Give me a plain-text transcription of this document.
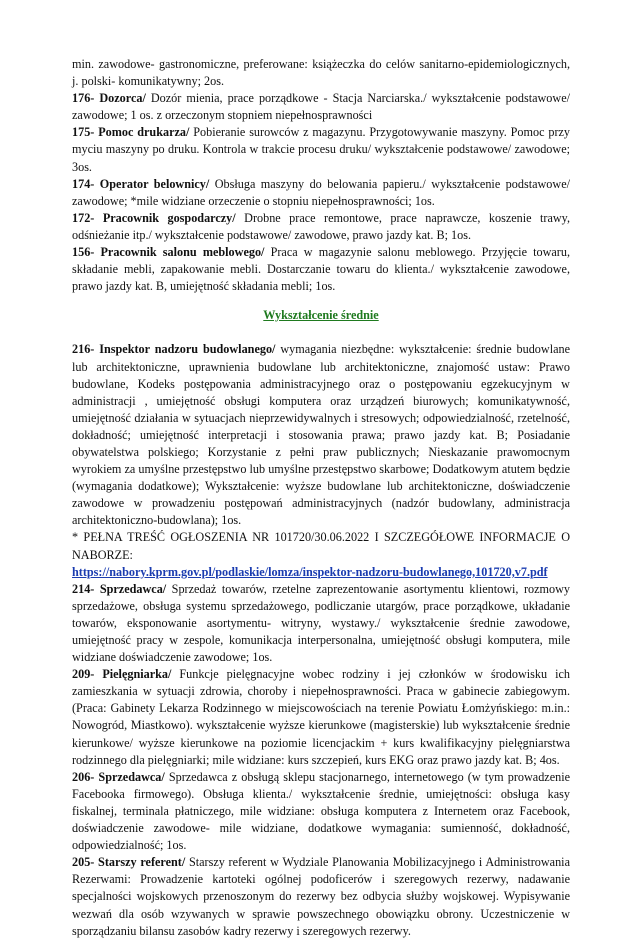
min. zawodowe- gastronomiczne, preferowane: książeczka do celów sanitarno-epidemiologicznych, j. polski- komunikatywny; 2os.

176- Dozorca/ Dozór mienia, prace porządkowe - Stacja Narciarska./ wykształcenie podstawowe/ zawodowe; 1 os. z orzeczonym stopniem niepełnosprawności

175- Pomoc drukarza/ Pobieranie surowców z magazynu. Przygotowywanie maszyny. Pomoc przy myciu maszyny po druku. Kontrola w trakcie procesu druku/ wykształcenie podstawowe/ zawodowe; 3os.

174- Operator belownicy/ Obsługa maszyny do belowania papieru./ wykształcenie podstawowe/ zawodowe; *mile widziane orzeczenie o stopniu niepełnosprawności; 1os.

172- Pracownik gospodarczy/ Drobne prace remontowe, prace naprawcze, koszenie trawy, odśnieżanie itp./ wykształcenie podstawowe/ zawodowe, prawo jazdy kat. B; 1os.

156- Pracownik salonu meblowego/ Praca w magazynie salonu meblowego. Przyjęcie towaru, składanie mebli, zapakowanie mebli. Dostarczanie towaru do klienta./ wykształcenie zawodowe, prawo jazdy kat. B, umiejętność składania mebli; 1os.

Wykształcenie średnie

216- Inspektor nadzoru budowlanego/ wymagania niezbędne: wykształcenie: średnie budowlane lub architektoniczne, uprawnienia budowlane lub architektoniczne, znajomość ustaw: Prawo budowlane, Kodeks postępowania administracyjnego oraz o postępowaniu egzekucyjnym w administracji , umiejętność obsługi komputera oraz urządzeń biurowych; komunikatywność, umiejętność działania w sytuacjach nieprzewidywalnych i stresowych; odpowiedzialność, rzetelność, dokładność; umiejętność interpretacji i stosowania prawa; prawo jazdy kat. B; Posiadanie obywatelstwa polskiego; Korzystanie z pełni praw publicznych; Nieskazanie prawomocnym wyrokiem za umyślne przestępstwo lub umyślne przestępstwo skarbowe; Dodatkowym atutem będzie (wymagania dodatkowe); Wykształcenie: wyższe budowlane lub architektoniczne, doświadczenie zawodowe w prowadzeniu postępowań administracyjnych (nadzór budowlany, administracja architektoniczno-budowlana); 1os.

* PEŁNA TREŚĆ OGŁOSZENIA NR 101720/30.06.2022 I SZCZEGÓŁOWE INFORMACJE O NABORZE:

https://nabory.kprm.gov.pl/podlaskie/lomza/inspektor-nadzoru-budowlanego,101720,v7.pdf

214- Sprzedawca/ Sprzedaż towarów, rzetelne zaprezentowanie asortymentu klientowi, rozmowy sprzedażowe, obsługa systemu sprzedażowego, podliczanie utargów, prace porządkowe, układanie towarów, eksponowanie asortymentu- witryny, wystawy./ wykształcenie średnie zawodowe, umiejętność pracy w zespole, komunikacja interpersonalna, umiejętność obsługi komputera, mile widziane doświadczenie zawodowe; 1os.

209- Pielęgniarka/ Funkcje pielęgnacyjne wobec rodziny i jej członków w środowisku ich zamieszkania w sytuacji zdrowia, choroby i niepełnosprawności. Praca w gabinecie zabiegowym. (Praca: Gabinety Lekarza Rodzinnego w miejscowościach na terenie Powiatu Łomżyńskiego: m.in.: Nowogród, Miastkowo). wykształcenie wyższe kierunkowe (magisterskie) lub wykształcenie średnie kierunkowe/ wyższe kierunkowe na poziomie licencjackim + kurs kwalifikacyjny pielęgniarstwa rodzinnego dla pielęgniarki; mile widziane: kurs szczepień, kurs EKG oraz prawo jazdy kat. B; 4os.

206- Sprzedawca/ Sprzedawca z obsługą sklepu stacjonarnego, internetowego (w tym prowadzenie Facebooka firmowego). Obsługa klienta./ wykształcenie średnie, umiejętności: obsługa kasy fiskalnej, terminala płatniczego, mile widziane: obsługa komputera z Internetem oraz Facebook, doświadczenie zawodowe- mile widziane, dodatkowe wymagania: sumienność, dokładność, odpowiedzialność; 1os.

205- Starszy referent/ Starszy referent w Wydziale Planowania Mobilizacyjnego i Administrowania Rezerwami: Prowadzenie kartoteki ogólnej podoficerów i szeregowych rezerwy, nadawanie specjalności wojskowych przenoszonym do rezerwy bez odbycia służby wojskowej. Wypisywanie wezwań dla osób wzywanych w sprawie powszechnego obowiązku obrony. Uczestniczenie w sporządzaniu bilansu zasobów kadry rezerwy i szeregowych rezerwy.
